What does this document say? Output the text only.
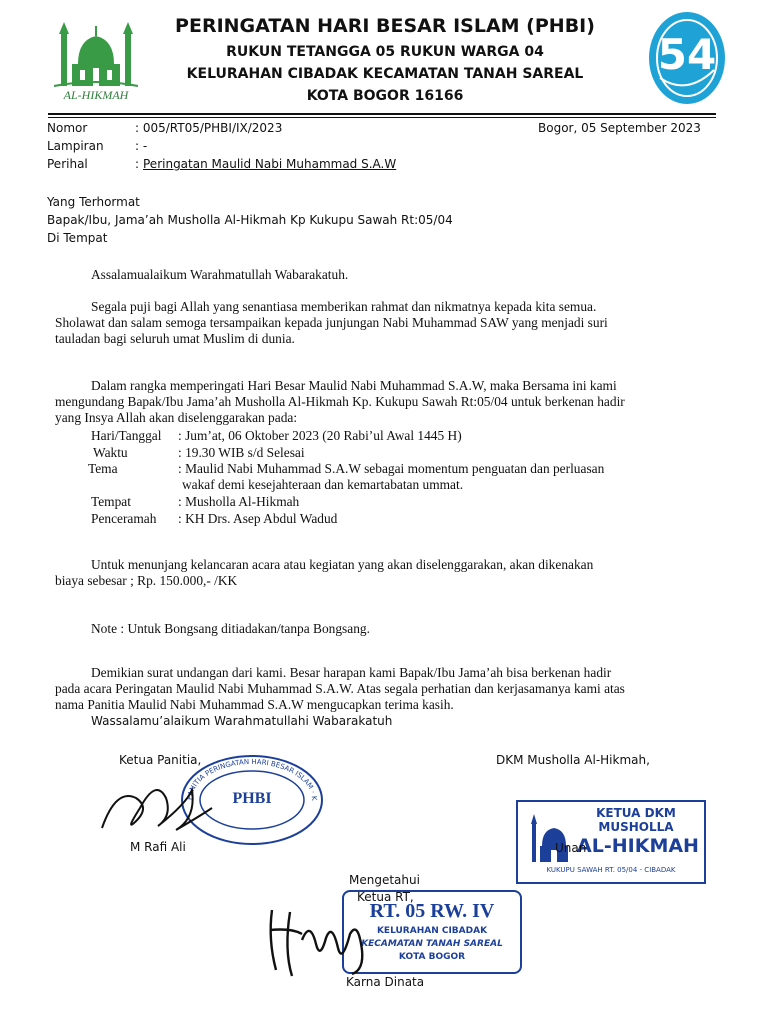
AL-HIKMAH
54
PERINGATAN HARI BESAR ISLAM (PHBI)
RUKUN TETANGGA 05 RUKUN WARGA 04
KELURAHAN CIBADAK KECAMATAN TANAH SAREAL
KOTA BOGOR 16166
Nomor	: 005/RT05/PHBI/IX/2023	Bogor, 05 September 2023
Lampiran	: -
Perihal	: Peringatan Maulid Nabi Muhammad S.A.W
Yang Terhormat
Bapak/Ibu, Jama’ah Musholla Al-Hikmah Kp Kukupu Sawah Rt:05/04
Di Tempat
Assalamualaikum Warahmatullah Wabarakatuh.
Segala puji bagi Allah yang senantiasa memberikan rahmat dan nikmatnya kepada kita semua.
Sholawat dan salam semoga tersampaikan kepada junjungan Nabi Muhammad SAW yang menjadi suri
tauladan bagi seluruh umat Muslim di dunia.
Dalam rangka memperingati Hari Besar Maulid Nabi Muhammad S.A.W, maka Bersama ini kami
mengundang Bapak/Ibu Jama’ah Musholla Al-Hikmah Kp. Kukupu Sawah Rt:05/04 untuk berkenan hadir
yang Insya Allah akan diselenggarakan pada:
Hari/Tanggal : Jum’at, 06 Oktober 2023 (20 Rabi’ul Awal 1445 H)
Waktu	: 19.30 WIB s/d Selesai
Tema	: Maulid Nabi Muhammad S.A.W sebagai momentum penguatan dan perluasan
wakaf demi kesejahteraan dan kemartabatan ummat.
Tempat	: Musholla Al-Hikmah
Penceramah : KH Drs. Asep Abdul Wadud
Untuk menunjang kelancaran acara atau kegiatan yang akan diselenggarakan, akan dikenakan
biaya sebesar ; Rp. 150.000,- /KK
Note : Untuk Bongsang ditiadakan/tanpa Bongsang.
Demikian surat undangan dari kami. Besar harapan kami Bapak/Ibu Jama’ah bisa berkenan hadir
pada acara Peringatan Maulid Nabi Muhammad S.A.W. Atas segala perhatian dan kerjasamanya kami atas
nama Panitia Maulid Nabi Muhammad S.A.W mengucapkan terima kasih.
Wassalamu’alaikum Warahmatullahi Wabarakatuh
Ketua Panitia,	DKM Musholla Al-Hikmah,
PANITIA PERINGATAN HARI BESAR ISLAM · K
PHBI
M Rafi Ali
KETUA DKM
MUSHOLLA
AL-HIKMAH
KUKUPU SAWAH RT. 05/04 - CIBADAK
Unan
Mengetahui
Ketua RT,
RT. 05 RW. IV
KELURAHAN CIBADAK
KECAMATAN TANAH SAREAL
KOTA BOGOR
Karna Dinata
